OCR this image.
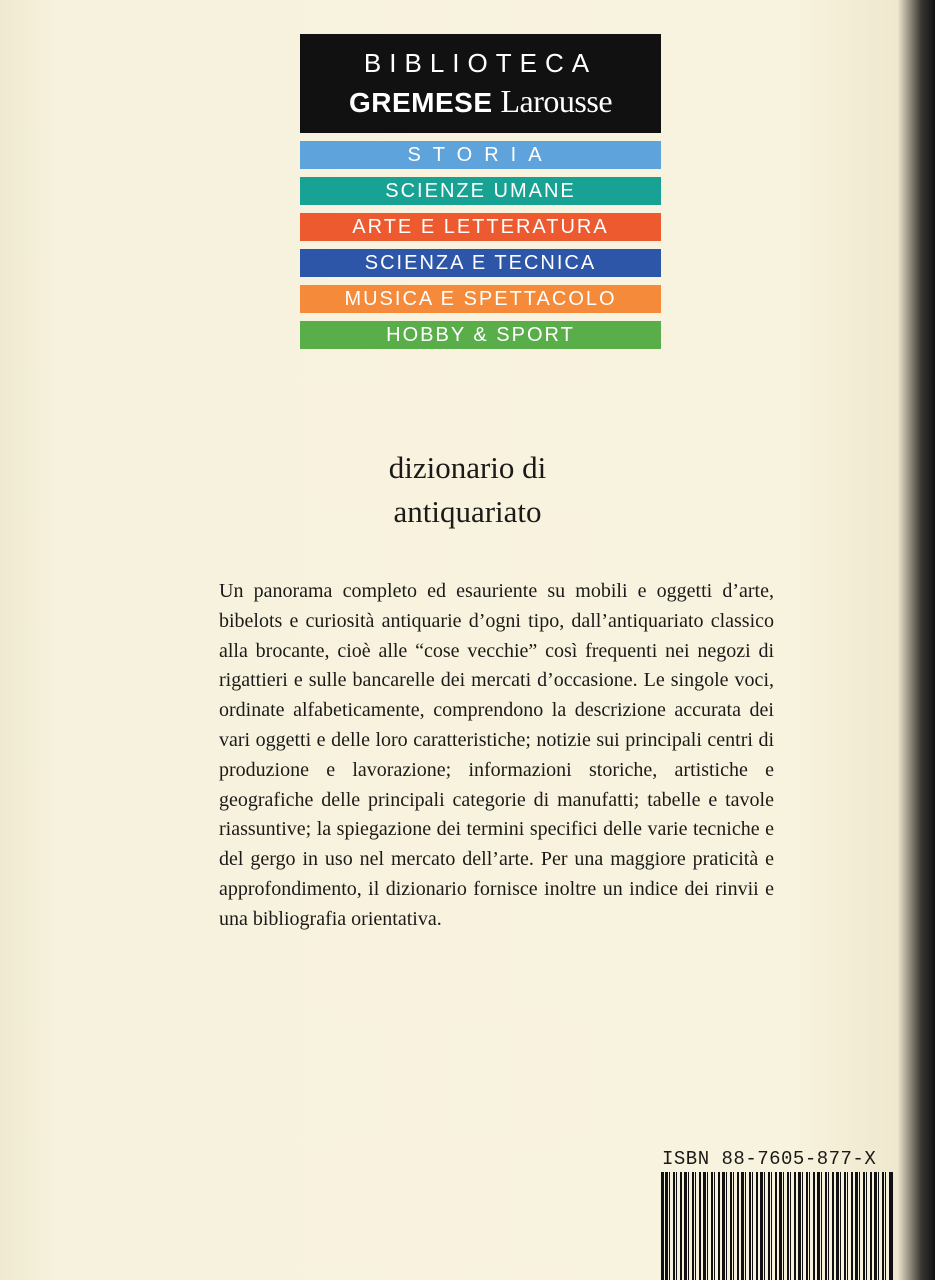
BIBLIOTECA
GREMESE Larousse
STORIA
SCIENZE UMANE
ARTE E LETTERATURA
SCIENZA E TECNICA
MUSICA E SPETTACOLO
HOBBY & SPORT
dizionario di
antiquariato

Un panorama completo ed esauriente su mobili e oggetti d’arte, bibelots e curiosità antiquarie d’ogni tipo, dall’antiquariato classico alla brocante, cioè alle “cose vecchie” così frequenti nei negozi di rigattieri e sulle bancarelle dei mercati d’occasione. Le singole voci, ordinate alfabeticamente, comprendono la descrizione accurata dei vari oggetti e delle loro caratteristiche; notizie sui principali centri di produzione e lavorazione; informazioni storiche, artistiche e geografiche delle principali categorie di manufatti; tabelle e tavole riassuntive; la spiegazione dei termini specifici delle varie tecniche e del gergo in uso nel mercato dell’arte. Per una maggiore praticità e approfondimento, il dizionario fornisce inoltre un indice dei rinvii e una bibliografia orientativa.

ISBN 88-7605-877-X
